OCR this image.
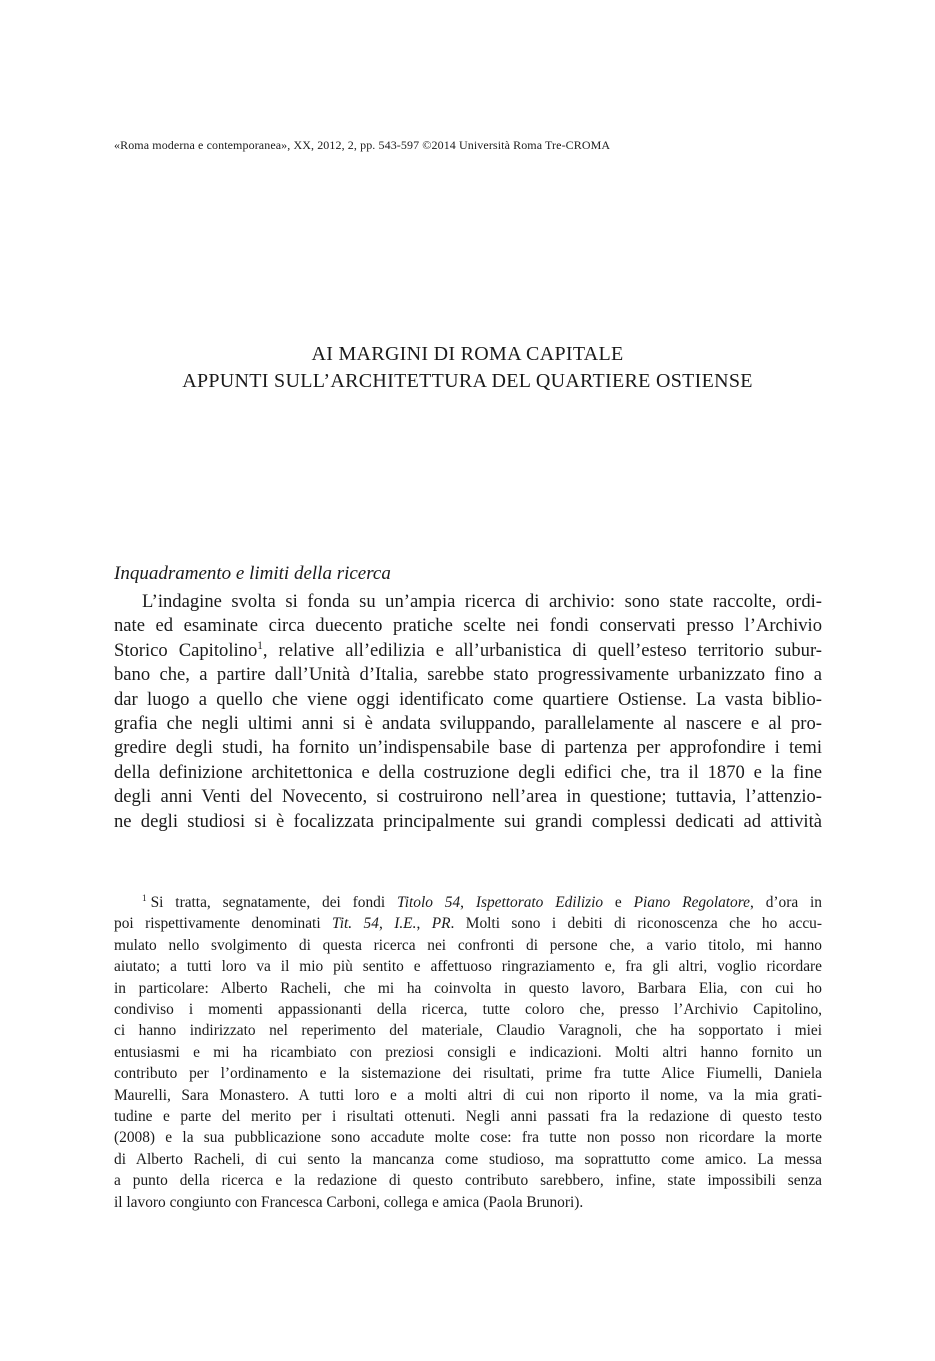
«Roma moderna e contemporanea», XX, 2012, 2, pp. 543-597 ©2014 Università Roma Tre-CROMA
AI MARGINI DI ROMA CAPITALE
APPUNTI SULL’ARCHITETTURA DEL QUARTIERE OSTIENSE
Inquadramento e limiti della ricerca
L’indagine svolta si fonda su un’ampia ricerca di archivio: sono state raccolte, ordi-
nate ed esaminate circa duecento pratiche scelte nei fondi conservati presso l’Archivio
Storico Capitolino$^1$, relative all’edilizia e all’urbanistica di quell’esteso territorio subur-
bano che, a partire dall’Unità d’Italia, sarebbe stato progressivamente urbanizzato fino a
dar luogo a quello che viene oggi identificato come quartiere Ostiense. La vasta biblio-
grafia che negli ultimi anni si è andata sviluppando, parallelamente al nascere e al pro-
gredire degli studi, ha fornito un’indispensabile base di partenza per approfondire i temi
della definizione architettonica e della costruzione degli edifici che, tra il 1870 e la fine
degli anni Venti del Novecento, si costruirono nell’area in questione; tuttavia, l’attenzio-
ne degli studiosi si è focalizzata principalmente sui grandi complessi dedicati ad attività
$^1$ Si tratta, segnatamente, dei fondi Titolo 54, Ispettorato Edilizio e Piano Regolatore, d’ora in
poi rispettivamente denominati Tit. 54, I.E., PR. Molti sono i debiti di riconoscenza che ho accu-
mulato nello svolgimento di questa ricerca nei confronti di persone che, a vario titolo, mi hanno
aiutato; a tutti loro va il mio più sentito e affettuoso ringraziamento e, fra gli altri, voglio ricordare
in particolare: Alberto Racheli, che mi ha coinvolta in questo lavoro, Barbara Elia, con cui ho
condiviso i momenti appassionanti della ricerca, tutte coloro che, presso l’Archivio Capitolino,
ci hanno indirizzato nel reperimento del materiale, Claudio Varagnoli, che ha sopportato i miei
entusiasmi e mi ha ricambiato con preziosi consigli e indicazioni. Molti altri hanno fornito un
contributo per l’ordinamento e la sistemazione dei risultati, prime fra tutte Alice Fiumelli, Daniela
Maurelli, Sara Monastero. A tutti loro e a molti altri di cui non riporto il nome, va la mia grati-
tudine e parte del merito per i risultati ottenuti. Negli anni passati fra la redazione di questo testo
(2008) e la sua pubblicazione sono accadute molte cose: fra tutte non posso non ricordare la morte
di Alberto Racheli, di cui sento la mancanza come studioso, ma soprattutto come amico. La messa
a punto della ricerca e la redazione di questo contributo sarebbero, infine, state impossibili senza
il lavoro congiunto con Francesca Carboni, collega e amica (Paola Brunori).
